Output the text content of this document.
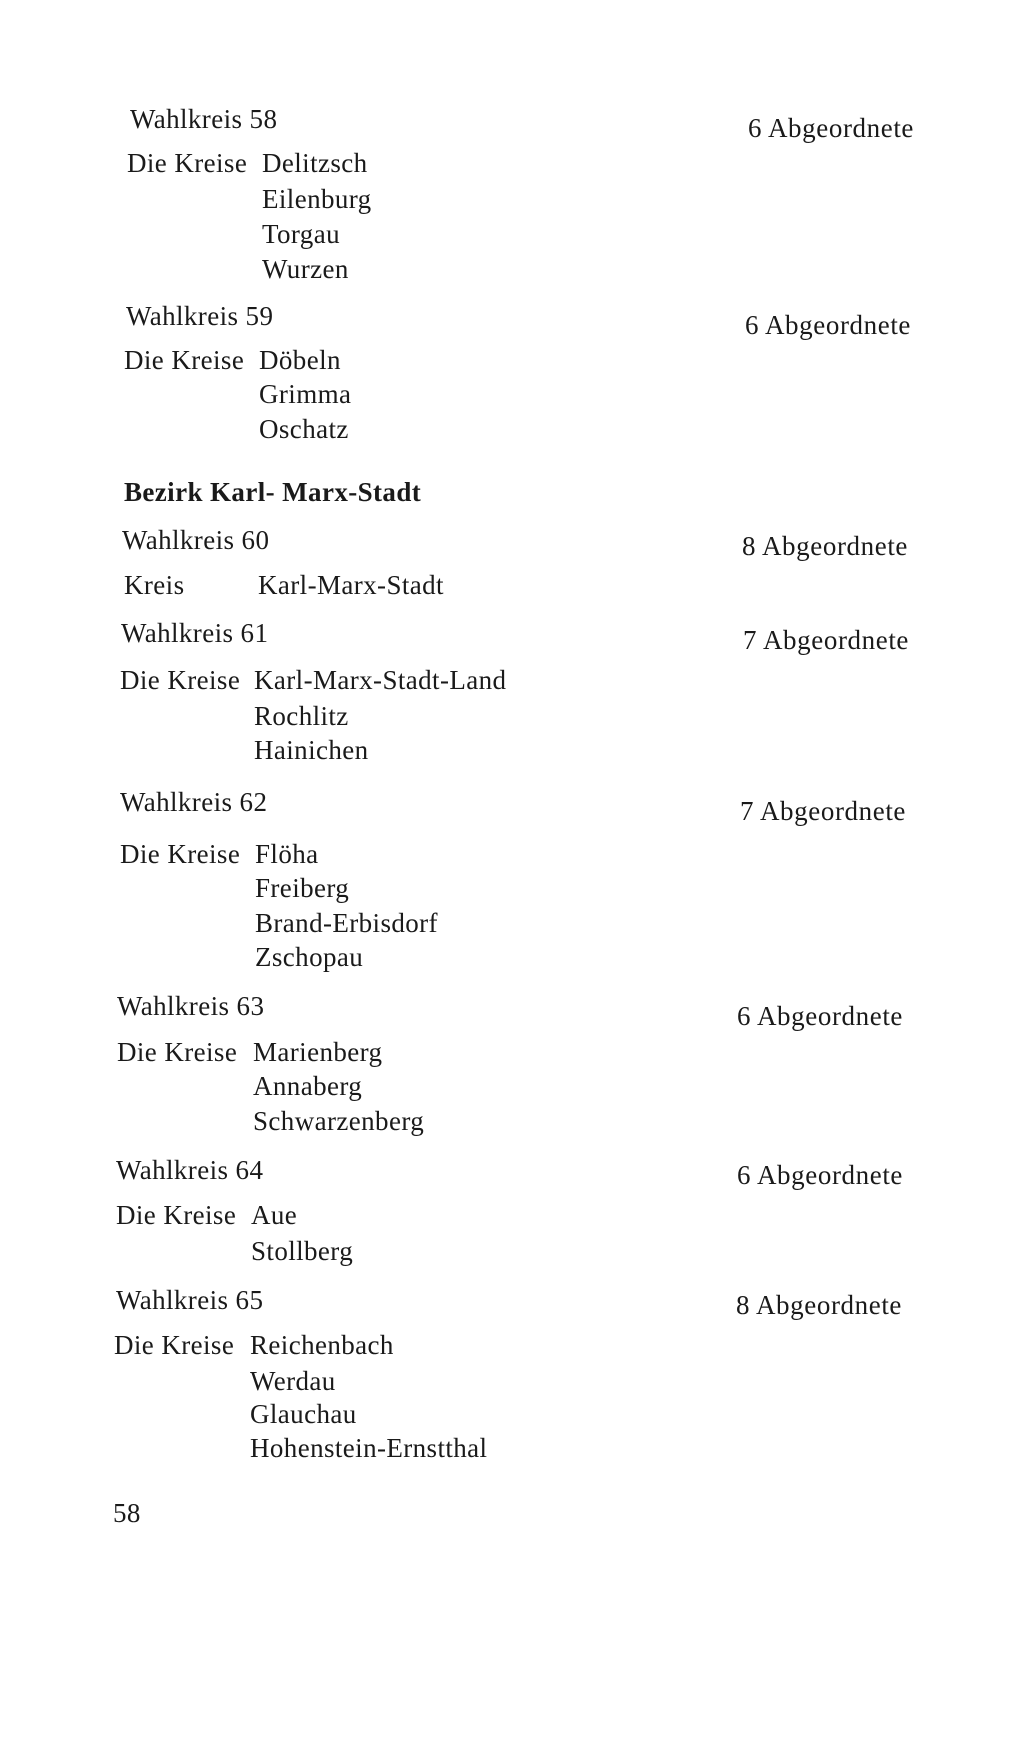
Wahlkreis 58	6 Abgeordnete
Die Kreise Delitzsch
Eilenburg
Torgau
Wurzen
Wahlkreis 59	6 Abgeordnete
Die Kreise Döbeln
Grimma
Oschatz
Bezirk Karl- Marx-Stadt
Wahlkreis 60	8 Abgeordnete
Kreis	Karl-Marx-Stadt
Wahlkreis 61	7 Abgeordnete
Die Kreise Karl-Marx-Stadt-Land
Rochlitz
Hainichen
Wahlkreis 62	7 Abgeordnete
Die Kreise Flöha
Freiberg
Brand-Erbisdorf
Zschopau
Wahlkreis 63	6 Abgeordnete
Die Kreise Marienberg
Annaberg
Schwarzenberg
Wahlkreis 64	6 Abgeordnete
Die Kreise Aue
Stollberg
Wahlkreis 65	8 Abgeordnete
Die Kreise Reichenbach
Werdau
Glauchau
Hohenstein-Ernstthal
58
